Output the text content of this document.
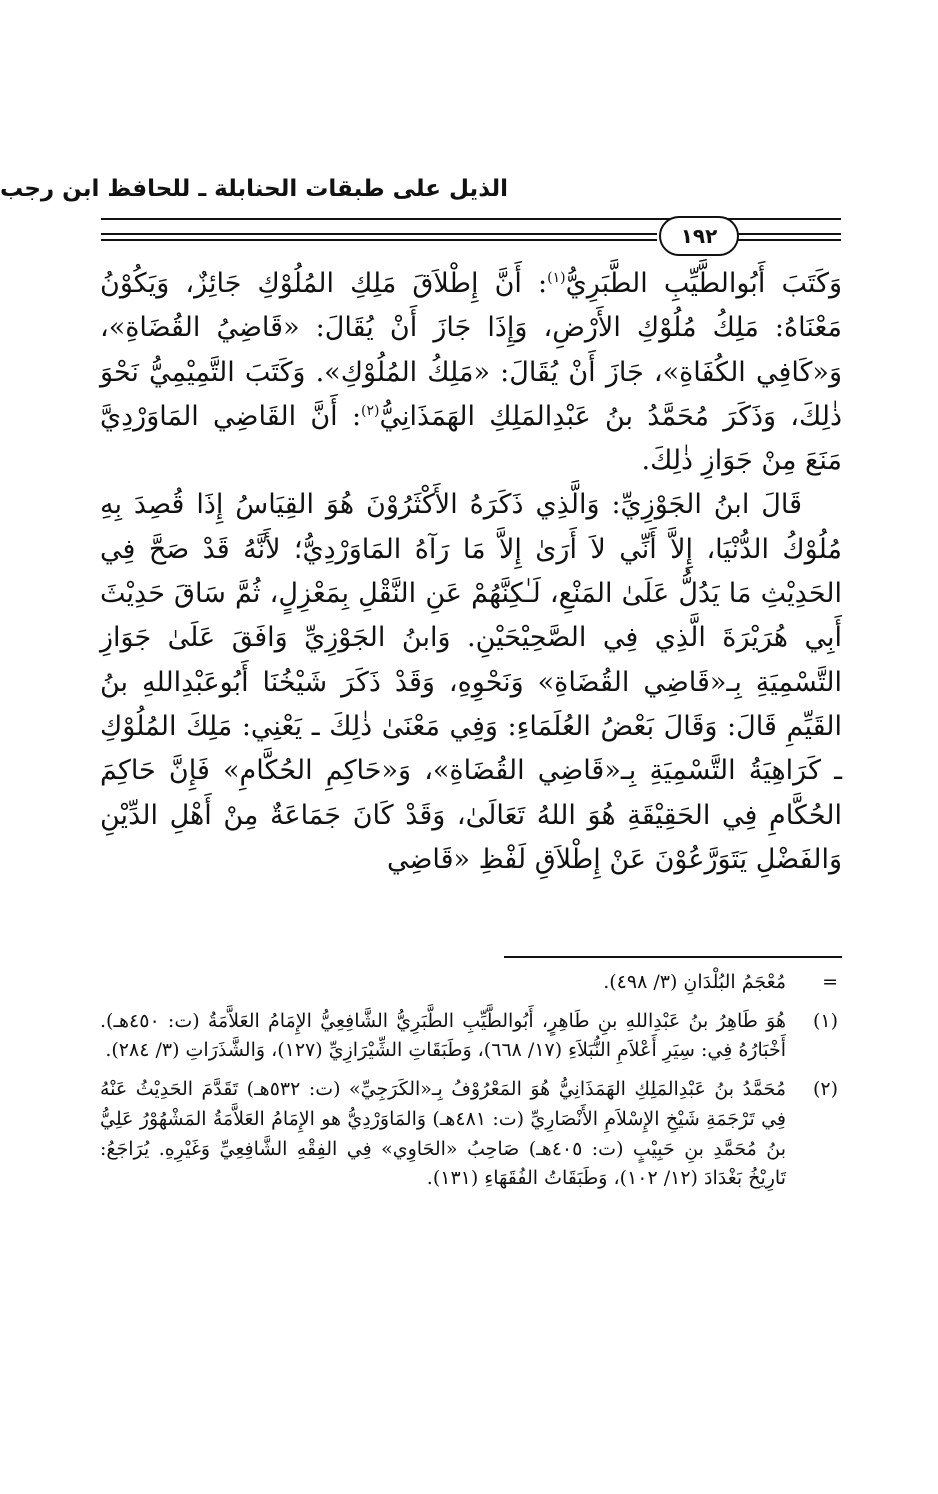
الذيل على طبقات الحنابلة ـ للحافظ ابن رجب
١٩٢

وَكَتَبَ أَبُوالطَّيِّبِ الطَّبَرِيُّ$^{(١)}$: أَنَّ إِطْلاَقَ مَلِكِ المُلُوْكِ جَائِزٌ، وَيَكُوْنُ مَعْنَاهُ: مَلِكُ مُلُوْكِ الأَرْضِ، وَإِذَا جَازَ أَنْ يُقَالَ: «قَاضِيُ القُضَاةِ»، وَ«كَافِي الكُفَاةِ»، جَازَ أَنْ يُقَالَ: «مَلِكُ المُلُوْكِ». وَكَتَبَ التَّمِيْمِيُّ نَحْوَ ذٰلِكَ، وَذَكَرَ مُحَمَّدُ بنُ عَبْدِالمَلِكِ الهَمَذَانِيُّ$^{(٢)}$: أَنَّ القَاضِي المَاوَرْدِيَّ مَنَعَ مِنْ جَوَازِ ذٰلِكَ.

قَالَ ابنُ الجَوْزِيِّ: وَالَّذِي ذَكَرَهُ الأَكْثَرُوْنَ هُوَ القِيَاسُ إِذَا قُصِدَ بِهِ مُلُوْكُ الدُّنْيَا، إِلاَّ أَنِّي لاَ أَرَىٰ إِلاَّ مَا رَآهُ المَاوَرْدِيُّ؛ لأَنَّهُ قَدْ صَحَّ فِي الحَدِيْثِ مَا يَدُلُّ عَلَىٰ المَنْعِ، لَـٰكِنَّهُمْ عَنِ النَّقْلِ بِمَعْزِلٍ، ثُمَّ سَاقَ حَدِيْثَ أَبِي هُرَيْرَةَ الَّذِي فِي الصَّحِيْحَيْنِ. وَابنُ الجَوْزِيِّ وَافَقَ عَلَىٰ جَوَازِ التَّسْمِيَةِ بِـ«قَاضِي القُضَاةِ» وَنَحْوِهِ، وَقَدْ ذَكَرَ شَيْخُنَا أَبُوعَبْدِاللهِ بنُ القَيِّمِ قَالَ: وَقَالَ بَعْضُ العُلَمَاءِ: وَفِي مَعْنَىٰ ذٰلِكَ ـ يَعْنِي: مَلِكَ المُلُوْكِ ـ كَرَاهِيَةُ التَّسْمِيَةِ بِـ«قَاضِي القُضَاةِ»، وَ«حَاكِمِ الحُكَّامِ» فَإِنَّ حَاكِمَ الحُكَّامِ فِي الحَقِيْقَةِ هُوَ اللهُ تَعَالَىٰ، وَقَدْ كَانَ جَمَاعَةٌ مِنْ أَهْلِ الدِّيْنِ وَالفَضْلِ يَتَوَرَّعُوْنَ عَنْ إِطْلاَقِ لَفْظِ «قَاضِي

=
مُعْجَمُ البُلْدَانِ (٣/ ٤٩٨).
(١)
هُوَ طَاهِرُ بنُ عَبْدِاللهِ بنِ طَاهِرٍ، أَبُوالطَّيِّبِ الطَّبَرِيُّ الشَّافِعِيُّ الإِمَامُ العَلاَّمَةُ (ت: ٤٥٠هـ). أَخْبَارُهُ فِي: سِيَرِ أَعْلاَمِ النُّبَلاَءِ (١٧/ ٦٦٨)، وَطَبَقَاتِ الشِّيْرَازِيِّ (١٢٧)، وَالشَّذَرَاتِ (٣/ ٢٨٤).
(٢)
مُحَمَّدُ بنُ عَبْدِالمَلِكِ الهَمَذَانِيُّ هُوَ المَعْرُوْفُ بِـ«الكَرَجِيِّ» (ت: ٥٣٢هـ) تَقَدَّمَ الحَدِيْثُ عَنْهُ فِي تَرْجَمَةِ شَيْخِ الإِسْلاَمِ الأَنْصَارِيِّ (ت: ٤٨١هـ) وَالمَاوَرْدِيُّ هو الإِمَامُ العَلاَّمَةُ المَشْهُوْرُ عَلِيُّ بنُ مُحَمَّدِ بنِ حَبِيْبٍ (ت: ٤٠٥هـ) صَاحِبُ «الحَاوِي» فِي الفِقْهِ الشَّافِعِيِّ وَغَيْرِهِ. يُرَاجَعُ: تَارِيْخُ بَغْدَادَ (١٢/ ١٠٢)، وَطَبَقَاتُ الفُقَهَاءِ (١٣١).
